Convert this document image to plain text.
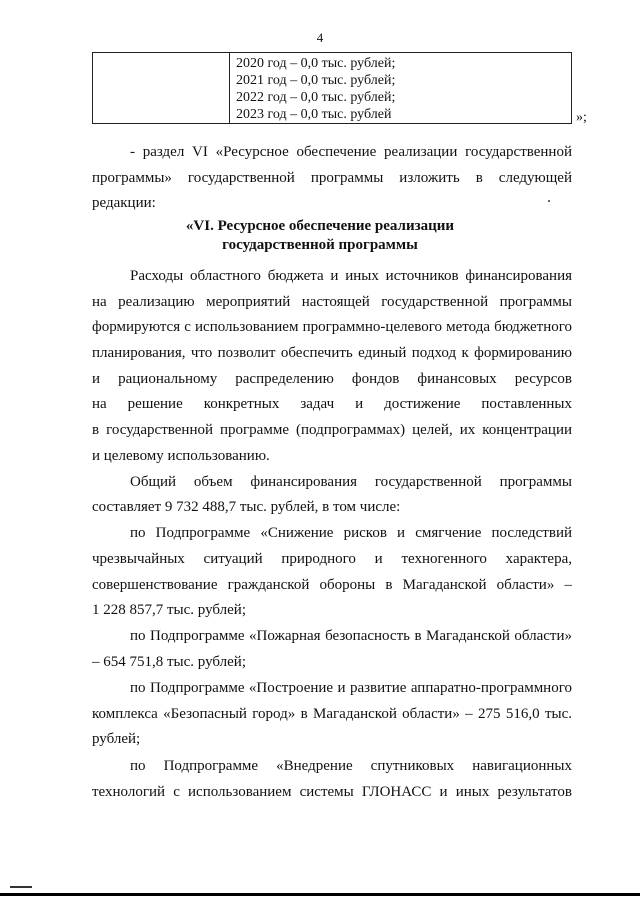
4
2020 год – 0,0 тыс. рублей;
2021 год – 0,0 тыс. рублей;
2022 год – 0,0 тыс. рублей;
2023 год – 0,0 тыс. рублей	»;
- раздел VI «Ресурсное обеспечение реализации государственной
программы» государственной программы изложить в следующей
редакции:
«VI. Ресурсное обеспечение реализации
государственной программы
Расходы областного бюджета и иных источников финансирования
на реализацию мероприятий настоящей государственной программы
формируются с использованием программно-целевого метода бюджетного
планирования, что позволит обеспечить единый подход к формированию
и рациональному распределению фондов финансовых ресурсов
на решение конкретных задач и достижение поставленных
в государственной программе (подпрограммах) целей, их концентрации
и целевому использованию.
Общий объем финансирования государственной программы
составляет 9 732 488,7 тыс. рублей, в том числе:
по Подпрограмме «Снижение рисков и смягчение последствий
чрезвычайных ситуаций природного и техногенного характера,
совершенствование гражданской обороны в Магаданской области» –
1 228 857,7 тыс. рублей;
по Подпрограмме «Пожарная безопасность в Магаданской области»
– 654 751,8 тыс. рублей;
по Подпрограмме «Построение и развитие аппаратно-программного
комплекса «Безопасный город» в Магаданской области» – 275 516,0 тыс.
рублей;
по Подпрограмме «Внедрение спутниковых навигационных
технологий с использованием системы ГЛОНАСС и иных результатов
